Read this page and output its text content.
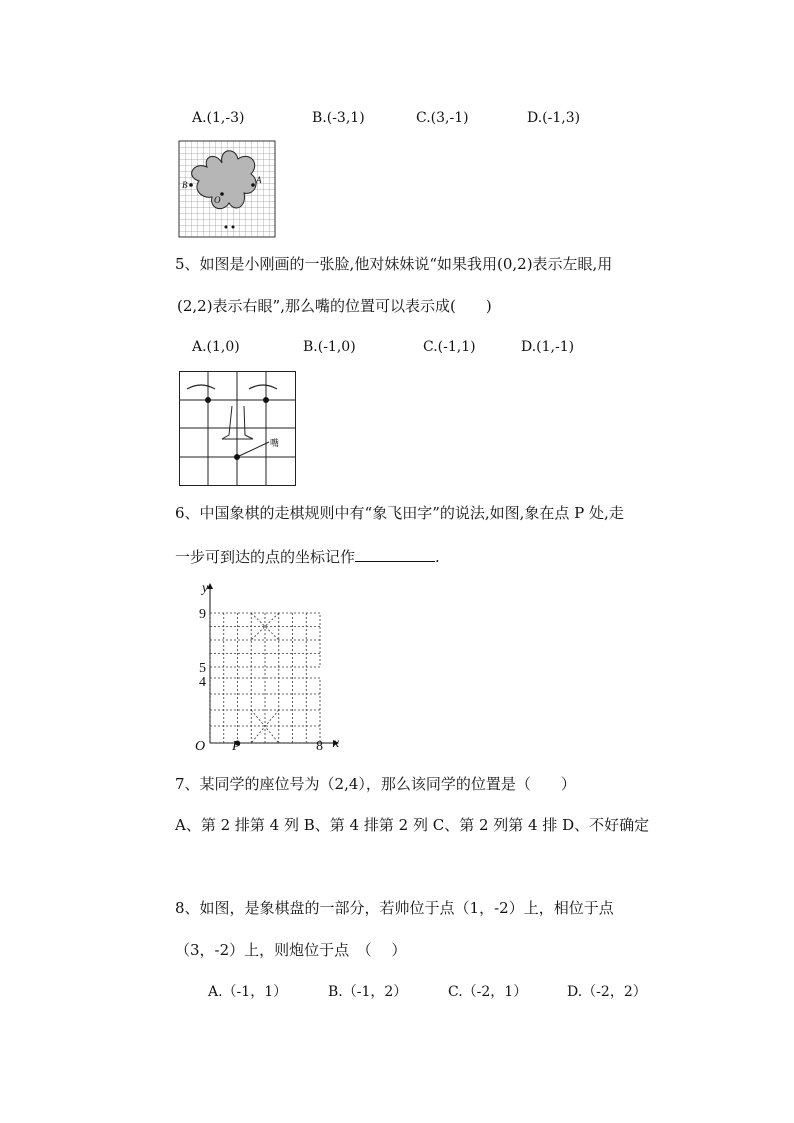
A.(1,-3)	B.(-3,1)	C.(3,-1)	D.(-1,3)
B	A
O
5、如图是小刚画的一张脸,他对妹妹说“如果我用(0,2)表示左眼,用
(2,2)表示右眼”,那么嘴的位置可以表示成(　　)
A.(1,0)	B.(-1,0)	C.(-1,1)	D.(1,-1)
嘴
6、中国象棋的走棋规则中有“象飞田字”的说法,如图,象在点 P 处,走
一步可到达的点的坐标记作	.
y
x
O P
9
5
4
8
7、某同学的座位号为（2,4），那么该同学的位置是（　　）
A、第 2 排第 4 列 B、第 4 排第 2 列 C、第 2 列第 4 排 D、不好确定
8、如图，是象棋盘的一部分，若帅位于点（1，-2）上，相位于点
（3，-2）上，则炮位于点　（　 ）
A.（-1，1）	B.（-1，2）	C.（-2，1）	D.（-2，2）
